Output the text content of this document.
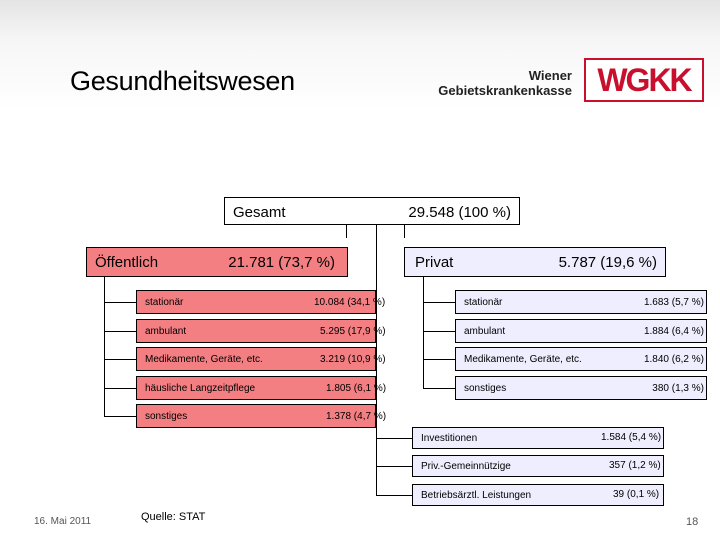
Gesundheitswesen	Wiener
Gebietskrankenkasse WGKK
Gesamt	29.548 (100 %)
Öffentlich	21.781 (73,7 %)	Privat	5.787 (19,6 %)
stationär	10.084 (34,1 %)
ambulant	5.295 (17,9 %)
Medikamente, Geräte, etc.	3.219 (10,9 %)
häusliche Langzeitpflege	1.805 (6,1 %)
sonstiges	1.378 (4,7 %)
stationär	1.683 (5,7 %)
ambulant	1.884 (6,4 %)
Medikamente, Geräte, etc.	1.840 (6,2 %)
sonstiges	380 (1,3 %)
Investitionen	1.584 (5,4 %)
Priv.-Gemeinnützige	357 (1,2 %)
Betriebsärztl. Leistungen	39 (0,1 %)
16. Mai 2011	Quelle: STAT	18
